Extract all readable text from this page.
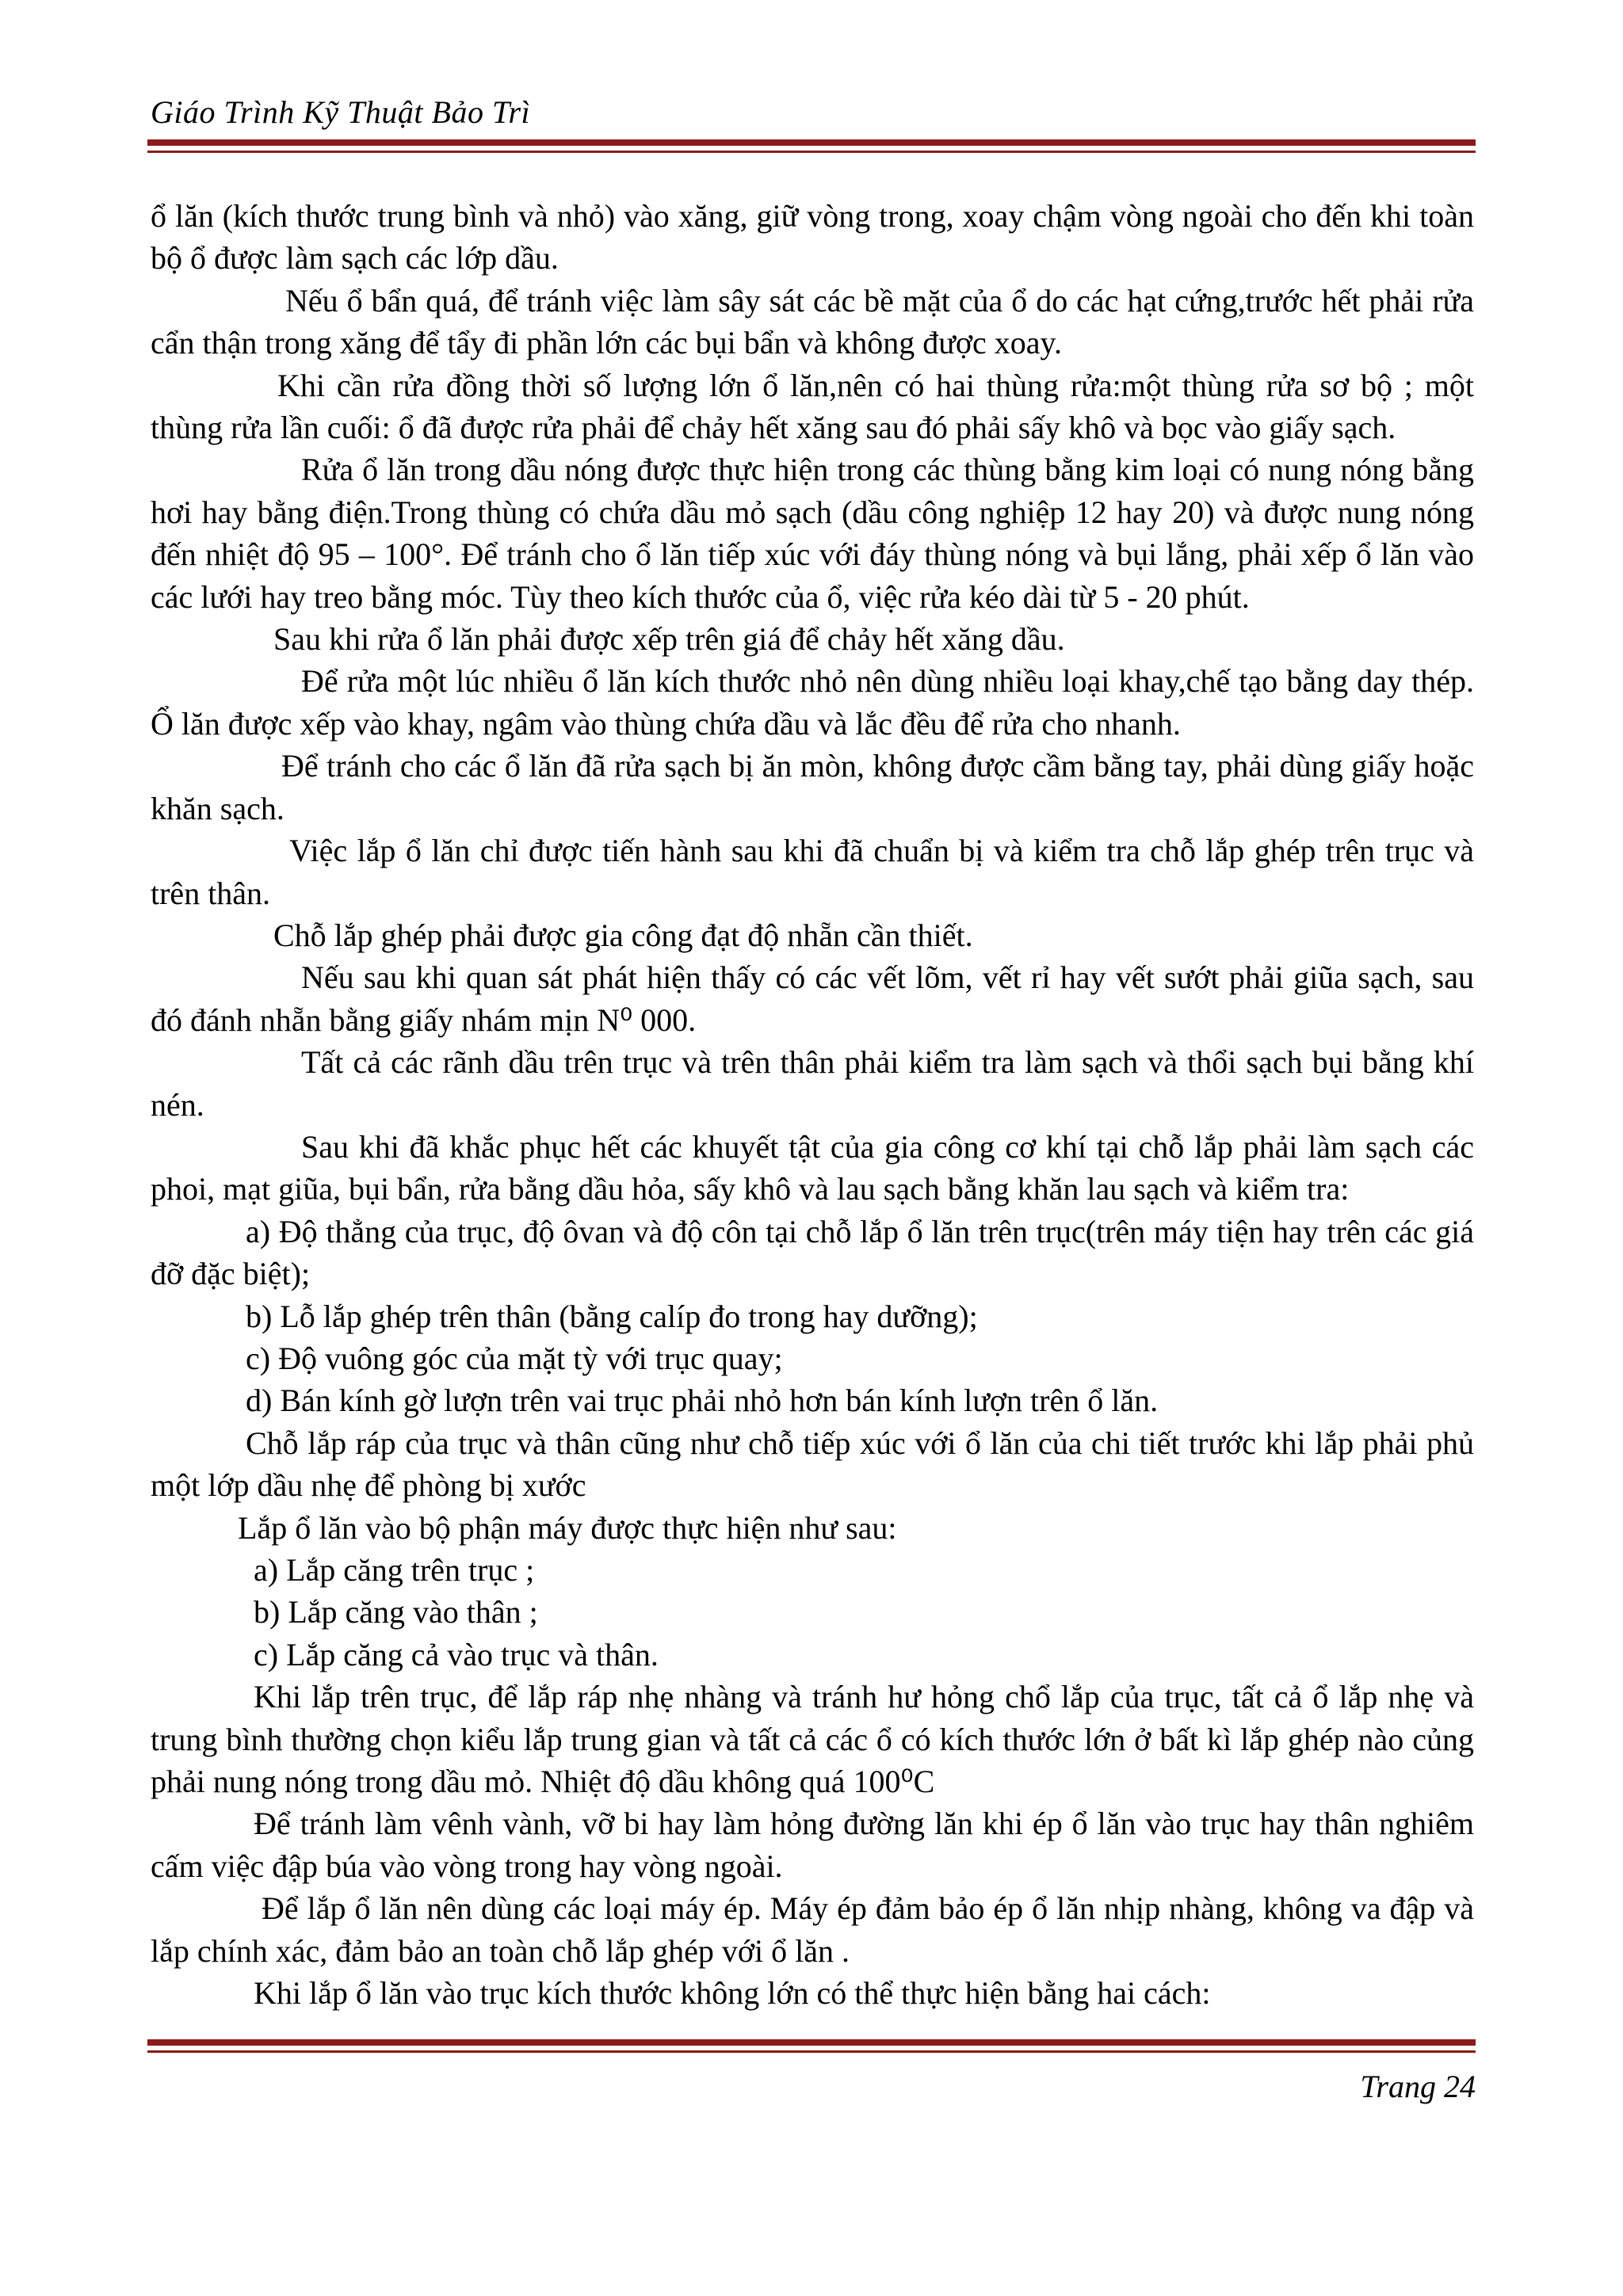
Giáo Trình Kỹ Thuật Bảo Trì

ổ lăn (kích thước trung bình và nhỏ) vào xăng, giữ vòng trong, xoay chậm vòng ngoài cho đến khi toàn bộ ổ được làm sạch các lớp dầu.

Nếu ổ bẩn quá, để tránh việc làm sây sát các bề mặt của ổ do các hạt cứng,trước hết phải rửa cẩn thận trong xăng để tẩy đi phần lớn các bụi bẩn và không được xoay.

Khi cần rửa đồng thời số lượng lớn ổ lăn,nên có hai thùng rửa:một thùng rửa sơ bộ ; một thùng rửa lần cuối: ổ đã được rửa phải để chảy hết xăng sau đó phải sấy khô và bọc vào giấy sạch.

Rửa ổ lăn trong dầu nóng được thực hiện trong các thùng bằng kim loại có nung nóng bằng hơi hay bằng điện.Trong thùng có chứa dầu mỏ sạch (dầu công nghiệp 12 hay 20) và được nung nóng đến nhiệt độ 95 – 100°. Để tránh cho ổ lăn tiếp xúc với đáy thùng nóng và bụi lắng, phải xếp ổ lăn vào các lưới hay treo bằng móc. Tùy theo kích thước của ổ, việc rửa kéo dài từ 5 - 20 phút.

Sau khi rửa ổ lăn phải được xếp trên giá để chảy hết xăng dầu.

Để rửa một lúc nhiều ổ lăn kích thước nhỏ nên dùng nhiều loại khay,chế tạo bằng day thép. Ổ lăn được xếp vào khay, ngâm vào thùng chứa dầu và lắc đều để rửa cho nhanh.

Để tránh cho các ổ lăn đã rửa sạch bị ăn mòn, không được cầm bằng tay, phải dùng giấy hoặc khăn sạch.

Việc lắp ổ lăn chỉ được tiến hành sau khi đã chuẩn bị và kiểm tra chỗ lắp ghép trên trục và trên thân.

Chỗ lắp ghép phải được gia công đạt độ nhẵn cần thiết.

Nếu sau khi quan sát phát hiện thấy có các vết lõm, vết rỉ hay vết sướt phải giũa sạch, sau đó đánh nhẵn bằng giấy nhám mịn N⁰ 000.

Tất cả các rãnh dầu trên trục và trên thân phải kiểm tra làm sạch và thổi sạch bụi bằng khí nén.

Sau khi đã khắc phục hết các khuyết tật của gia công cơ khí tại chỗ lắp phải làm sạch các phoi, mạt giũa, bụi bẩn, rửa bằng dầu hỏa, sấy khô và lau sạch bằng khăn lau sạch và kiểm tra:

a) Độ thẳng của trục, độ ôvan và độ côn tại chỗ lắp ổ lăn trên trục(trên máy tiện hay trên các giá đỡ đặc biệt);

b) Lỗ lắp ghép trên thân (bằng calíp đo trong hay dưỡng);

c) Độ vuông góc của mặt tỳ với trục quay;

d) Bán kính gờ lượn trên vai trục phải nhỏ hơn bán kính lượn trên ổ lăn.

Chỗ lắp ráp của trục và thân cũng như chỗ tiếp xúc với ổ lăn của chi tiết trước khi lắp phải phủ một lớp dầu nhẹ để phòng bị xước

Lắp ổ lăn vào bộ phận máy được thực hiện như sau:

a) Lắp căng trên trục ;

b) Lắp căng vào thân ;

c) Lắp căng cả vào trục và thân.

Khi lắp trên trục, để lắp ráp nhẹ nhàng và tránh hư hỏng chổ lắp của trục, tất cả ổ lắp nhẹ và trung bình thường chọn kiểu lắp trung gian và tất cả các ổ có kích thước lớn ở bất kì lắp ghép nào củng phải nung nóng trong dầu mỏ. Nhiệt độ dầu không quá 100⁰C

Để tránh làm vênh vành, vỡ bi hay làm hỏng đường lăn khi ép ổ lăn vào trục hay thân nghiêm cấm việc đập búa vào vòng trong hay vòng ngoài.

Để lắp ổ lăn nên dùng các loại máy ép. Máy ép đảm bảo ép ổ lăn nhịp nhàng, không va đập và lắp chính xác, đảm bảo an toàn chỗ lắp ghép với ổ lăn .

Khi lắp ổ lăn vào trục kích thước không lớn có thể thực hiện bằng hai cách:

Trang 24
